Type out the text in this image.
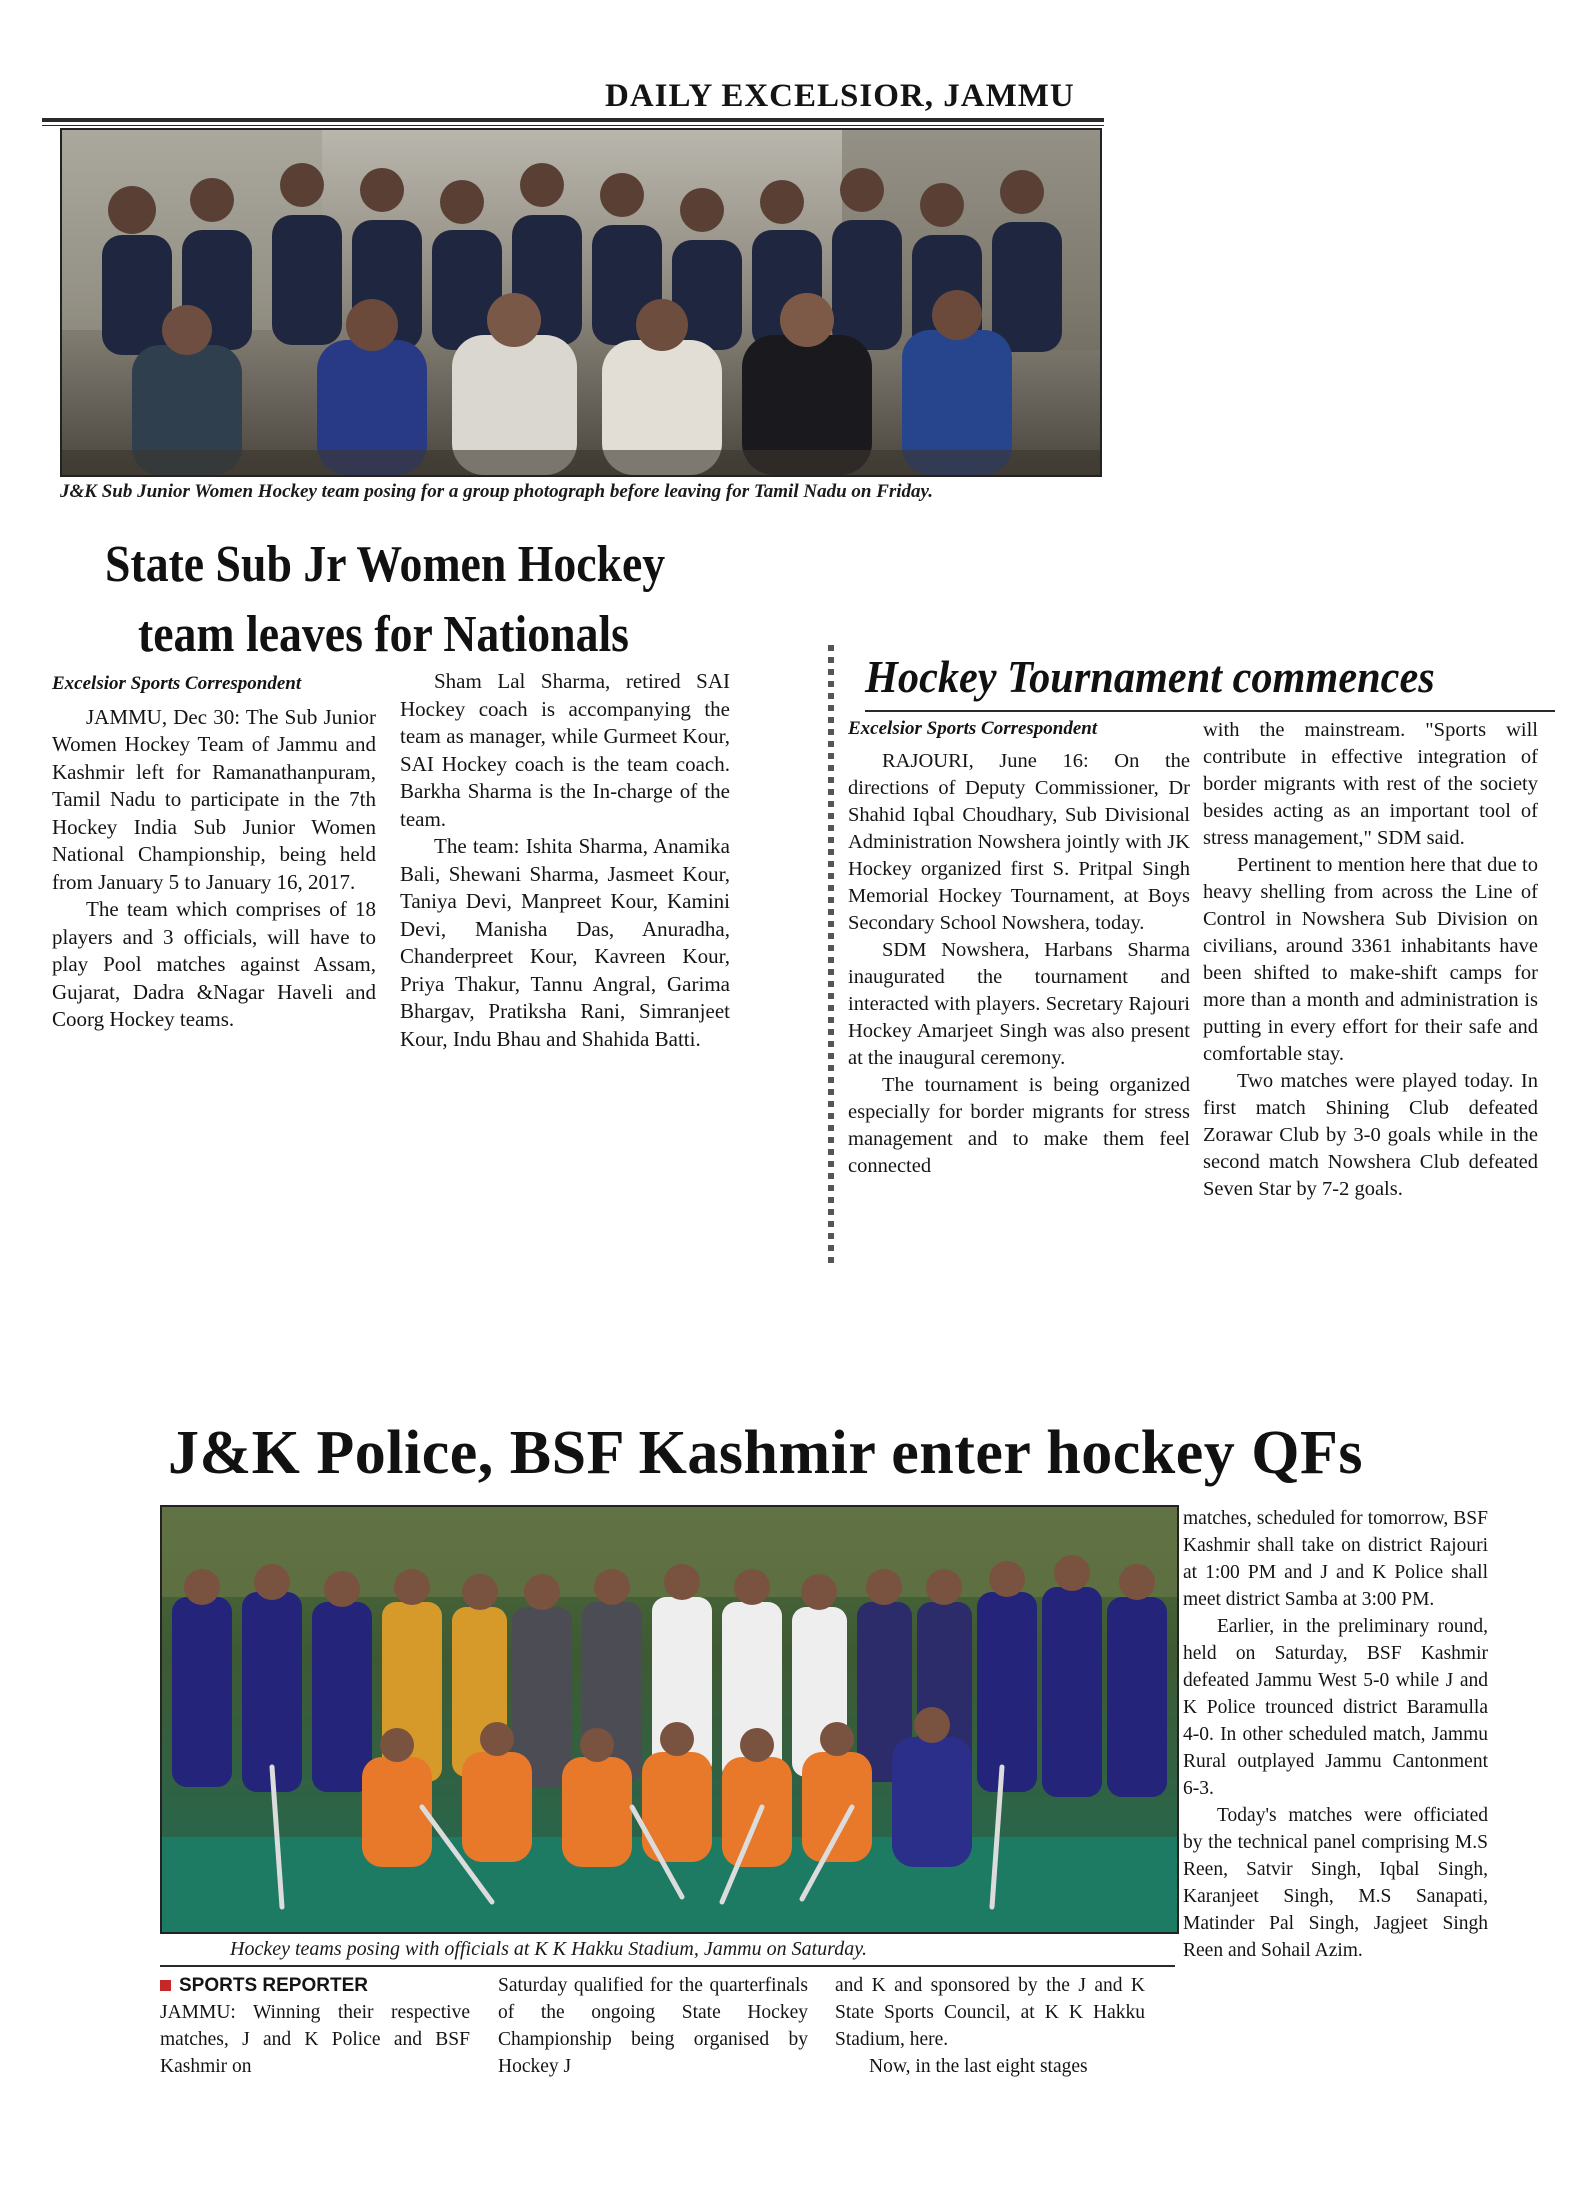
DAILY EXCELSIOR, JAMMU
J&K Sub Junior Women Hockey team posing for a group photograph before leaving for Tamil Nadu on Friday.
State Sub Jr Women Hockey
team leaves for Nationals
Excelsior Sports Correspondent

JAMMU, Dec 30: The Sub Junior Women Hockey Team of Jammu and Kashmir left for Ramanathanpuram, Tamil Nadu to participate in the 7th Hockey India Sub Junior Women National Championship, being held from January 5 to January 16, 2017.

The team which comprises of 18 players and 3 officials, will have to play Pool matches against Assam, Gujarat, Dadra &Nagar Haveli and Coorg Hockey teams.

Sham Lal Sharma, retired SAI Hockey coach is accompanying the team as manager, while Gurmeet Kour, SAI Hockey coach is the team coach. Barkha Sharma is the In-charge of the team.

The team: Ishita Sharma, Anamika Bali, Shewani Sharma, Jasmeet Kour, Taniya Devi, Manpreet Kour, Kamini Devi, Manisha Das, Anuradha, Chanderpreet Kour, Kavreen Kour, Priya Thakur, Tannu Angral, Garima Bhargav, Pratiksha Rani, Simranjeet Kour, Indu Bhau and Shahida Batti.

Hockey Tournament commences
Excelsior Sports Correspondent

RAJOURI, June 16: On the directions of Deputy Commissioner, Dr Shahid Iqbal Choudhary, Sub Divisional Administration Nowshera jointly with JK Hockey organized first S. Pritpal Singh Memorial Hockey Tournament, at Boys Secondary School Nowshera, today.

SDM Nowshera, Harbans Sharma inaugurated the tournament and interacted with players. Secretary Rajouri Hockey Amarjeet Singh was also present at the inaugural ceremony.

The tournament is being organized especially for border migrants for stress management and to make them feel connected

with the mainstream. "Sports will contribute in effective integration of border migrants with rest of the society besides acting as an important tool of stress management," SDM said.

Pertinent to mention here that due to heavy shelling from across the Line of Control in Nowshera Sub Division on civilians, around 3361 inhabitants have been shifted to make-shift camps for more than a month and administration is putting in every effort for their safe and comfortable stay.

Two matches were played today. In first match Shining Club defeated Zorawar Club by 3-0 goals while in the second match Nowshera Club defeated Seven Star by 7-2 goals.

J&K Police, BSF Kashmir enter hockey QFs
Hockey teams posing with officials at K K Hakku Stadium, Jammu on Saturday.
SPORTS REPORTER

JAMMU: Winning their respective matches, J and K Police and BSF Kashmir on

Saturday qualified for the quarterfinals of the ongoing State Hockey Championship being organised by Hockey J

and K and sponsored by the J and K State Sports Council, at K K Hakku Stadium, here.

Now, in the last eight stages

matches, scheduled for tomorrow, BSF Kashmir shall take on district Rajouri at 1:00 PM and J and K Police shall meet district Samba at 3:00 PM.

Earlier, in the preliminary round, held on Saturday, BSF Kashmir defeated Jammu West 5-0 while J and K Police trounced district Baramulla 4-0. In other scheduled match, Jammu Rural outplayed Jammu Cantonment 6-3.

Today's matches were officiated by the technical panel comprising M.S Reen, Satvir Singh, Iqbal Singh, Karanjeet Singh, M.S Sanapati, Matinder Pal Singh, Jagjeet Singh Reen and Sohail Azim.
